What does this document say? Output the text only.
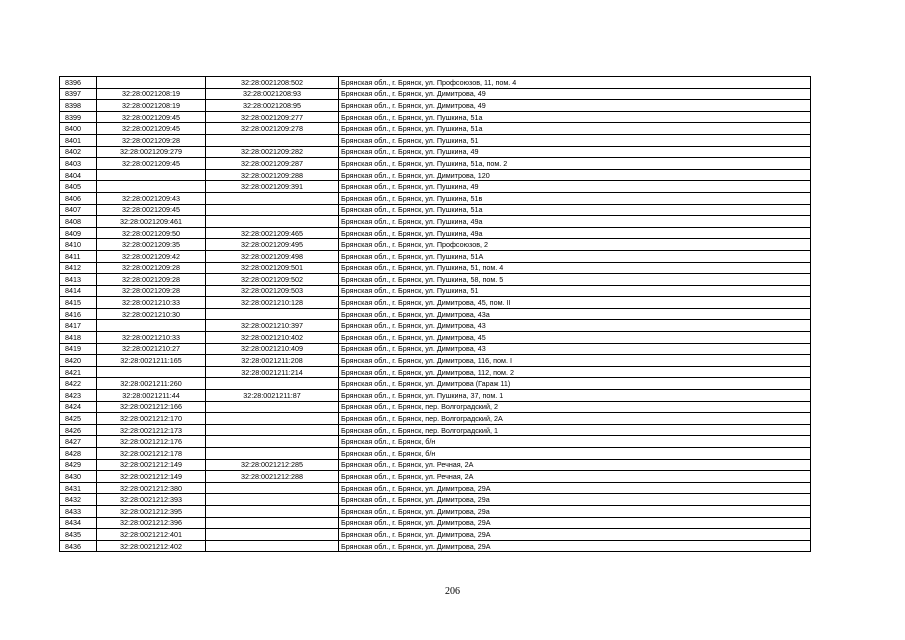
8396		32:28:0021208:502	Брянская обл., г. Брянск, ул. Профсоюзов, 11, пом. 4
8397	32:28:0021208:19	32:28:0021208:93	Брянская обл., г. Брянск, ул. Димитрова, 49
8398	32:28:0021208:19	32:28:0021208:95	Брянская обл., г. Брянск, ул. Димитрова, 49
8399	32:28:0021209:45	32:28:0021209:277	Брянская обл., г. Брянск, ул. Пушкина, 51а
8400	32:28:0021209:45	32:28:0021209:278	Брянская обл., г. Брянск, ул. Пушкина, 51а
8401	32:28:0021209:28		Брянская обл., г. Брянск, ул. Пушкина, 51
8402	32:28:0021209:279	32:28:0021209:282	Брянская обл., г. Брянск, ул. Пушкина, 49
8403	32:28:0021209:45	32:28:0021209:287	Брянская обл., г. Брянск, ул. Пушкина, 51а, пом. 2
8404		32:28:0021209:288	Брянская обл., г. Брянск, ул. Димитрова, 120
8405		32:28:0021209:391	Брянская обл., г. Брянск, ул. Пушкина, 49
8406	32:28:0021209:43		Брянская обл., г. Брянск, ул. Пушкина, 51в
8407	32:28:0021209:45		Брянская обл., г. Брянск, ул. Пушкина, 51а
8408	32:28:0021209:461		Брянская обл., г. Брянск, ул. Пушкина, 49а
8409	32:28:0021209:50	32:28:0021209:465	Брянская обл., г. Брянск, ул. Пушкина, 49а
8410	32:28:0021209:35	32:28:0021209:495	Брянская обл., г. Брянск, ул. Профсоюзов, 2
8411	32:28:0021209:42	32:28:0021209:498	Брянская обл., г. Брянск, ул. Пушкина, 51А
8412	32:28:0021209:28	32:28:0021209:501	Брянская обл., г. Брянск, ул. Пушкина, 51, пом. 4
8413	32:28:0021209:28	32:28:0021209:502	Брянская обл., г. Брянск, ул. Пушкина, 58, пом. 5
8414	32:28:0021209:28	32:28:0021209:503	Брянская обл., г. Брянск, ул. Пушкина, 51
8415	32:28:0021210:33	32:28:0021210:128	Брянская обл., г. Брянск, ул. Димитрова, 45, пом. II
8416	32:28:0021210:30		Брянская обл., г. Брянск, ул. Димитрова, 43а
8417		32:28:0021210:397	Брянская обл., г. Брянск, ул. Димитрова, 43
8418	32:28:0021210:33	32:28:0021210:402	Брянская обл., г. Брянск, ул. Димитрова, 45
8419	32:28:0021210:27	32:28:0021210:409	Брянская обл., г. Брянск, ул. Димитрова, 43
8420	32:28:0021211:165	32:28:0021211:208	Брянская обл., г. Брянск, ул. Димитрова, 116, пом. I
8421		32:28:0021211:214	Брянская обл., г. Брянск, ул. Димитрова, 112, пом. 2
8422	32:28:0021211:260		Брянская обл., г. Брянск, ул. Димитрова (Гараж 11)
8423	32:28:0021211:44	32:28:0021211:87	Брянская обл., г. Брянск, ул. Пушкина, 37, пом. 1
8424	32:28:0021212:166		Брянская обл., г. Брянск, пер. Волгоградский, 2
8425	32:28:0021212:170		Брянская обл., г. Брянск, пер. Волгоградский, 2А
8426	32:28:0021212:173		Брянская обл., г. Брянск, пер. Волгоградский, 1
8427	32:28:0021212:176		Брянская обл., г. Брянск, б/н
8428	32:28:0021212:178		Брянская обл., г. Брянск, б/н
8429	32:28:0021212:149	32:28:0021212:285	Брянская обл., г. Брянск, ул. Речная, 2А
8430	32:28:0021212:149	32:28:0021212:288	Брянская обл., г. Брянск, ул. Речная, 2А
8431	32:28:0021212:380		Брянская обл., г. Брянск, ул. Димитрова, 29А
8432	32:28:0021212:393		Брянская обл., г. Брянск, ул. Димитрова, 29а
8433	32:28:0021212:395		Брянская обл., г. Брянск, ул. Димитрова, 29а
8434	32:28:0021212:396		Брянская обл., г. Брянск, ул. Димитрова, 29А
8435	32:28:0021212:401		Брянская обл., г. Брянск, ул. Димитрова, 29А
8436	32:28:0021212:402		Брянская обл., г. Брянск, ул. Димитрова, 29А
206
